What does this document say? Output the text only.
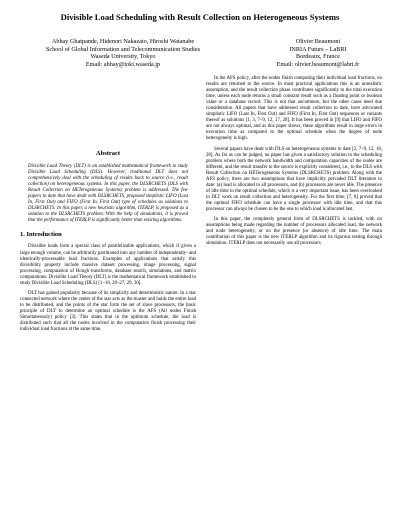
Divisible Load Scheduling with Result Collection on Heterogeneous Systems
Abhay Ghatpande, Hidenori Nakazato, Hiroshi Watanabe
School of Global Information and Telecommunication Studies
Waseda University, Tokyo
Email: abhay@toki.waseda.jp
Olivier Beaumont
INRIA Futurs – LaBRI
Bordeaux, France
Email: olivier.beaumont@labri.fr
Abstract
Divisible Load Theory (DLT) is an established mathematical framework to study Divisible Load Scheduling (DLS). However, traditional DLT does not comprehensively deal with the scheduling of results back to source (i.e., result collection) on heterogeneous systems. In this paper, the DLSRCHETS (DLS with Result Collection on HETerogeneous Systems) problem is addressed. The few papers to date that have dealt with DLSRCHETS, proposed simplistic LIFO (Last In, First Out) and FIFO (First In, First Out) type of schedules as solutions to DLSRCHETS. In this paper, a new heuristic algorithm, ITERLP, is proposed as a solution to the DLSRCHETS problem. With the help of simulations, it is proved that the performance of ITERLP is significantly better than existing algorithms.
1. Introduction

Divisible loads form a special class of parallelizable applications, which if given a large enough volume, can be arbitrarily partitioned into any number of independently- and identically-processable load fractions. Examples of applications that satisfy this divisibility property include massive dataset processing, image processing, signal processing, computation of Hough transforms, database search, simulations, and matrix computations. Divisible Load Theory (DLT) is the mathematical framework established to study Divisible Load Scheduling (DLS) [1–18, 20–27, 29, 30].

DLT has gained popularity because of its simplicity and deterministic nature. In a star connected network where the center of the star acts as the master and holds the entire load to be distributed, and the points of the star form the set of slave processors, the basic principle of DLT to determine an optimal schedule is the AFS (All nodes Finish Simultaneously) policy [3]. This states that in the optimum schedule, the load is distributed such that all the nodes involved in the computation finish processing their individual load fractions at the same time.

In the AFS policy, after the nodes finish computing their individual load fractions, no results are returned to the source. In most practical applications this is an unrealistic assumption, and the result collection phase contributes significantly to the total execution time, unless each node returns a small constant result such as a floating point or boolean value or a database record. This is not that uncommon, but the other cases need due consideration. All papers that have addressed result collection to date, have advocated simplistic LIFO (Last In, First Out) and FIFO (First In, First Out) sequences or variants thereof as solutions [1, 3, 7–9, 12, 17, 28]. It has been proved in [9] that LIFO and FIFO are not always optimal, and as this paper shows, these algorithms result in large errors in execution time as compared to the optimal schedule when the degree of node heterogeneity is high.

Several papers have dealt with DLS on heterogeneous systems to date [2, 7–9, 12, 18, 28]. As far as can be judged, no paper has given a satisfactory solution to the scheduling problem where both the network bandwidth and computation capacities of the nodes are different, and the result transfer to the source is explicitly considered, i.e., to the DLS with Result Collection on HETerogeneous Systems (DLSRCHETS) problem. Along with the AFS policy, there are two assumptions that have implicitly pervaded DLT literature to date: (a) load is allocated to all processors, and (b) processors are never idle. The presence of idle time in the optimal schedule, which is a very important issue, has been overlooked in DLT work on result collection and heterogeneity. For the first time, [7, 8] proved that the optimal FIFO schedule can have a single processor with idle time, and that this processor can always be chosen to be the one to which load is allocated last.

In this paper, the completely general form of DLSRCHETS is tackled, with no assumptions being made regarding the number of processors allocated load, the network and node heterogeneity, or on the presence (or absence) of idle time. The main contribution of this paper is the new ITERLP algorithm and its rigorous testing through simulation. ITERLP does not necessarily use all processors
